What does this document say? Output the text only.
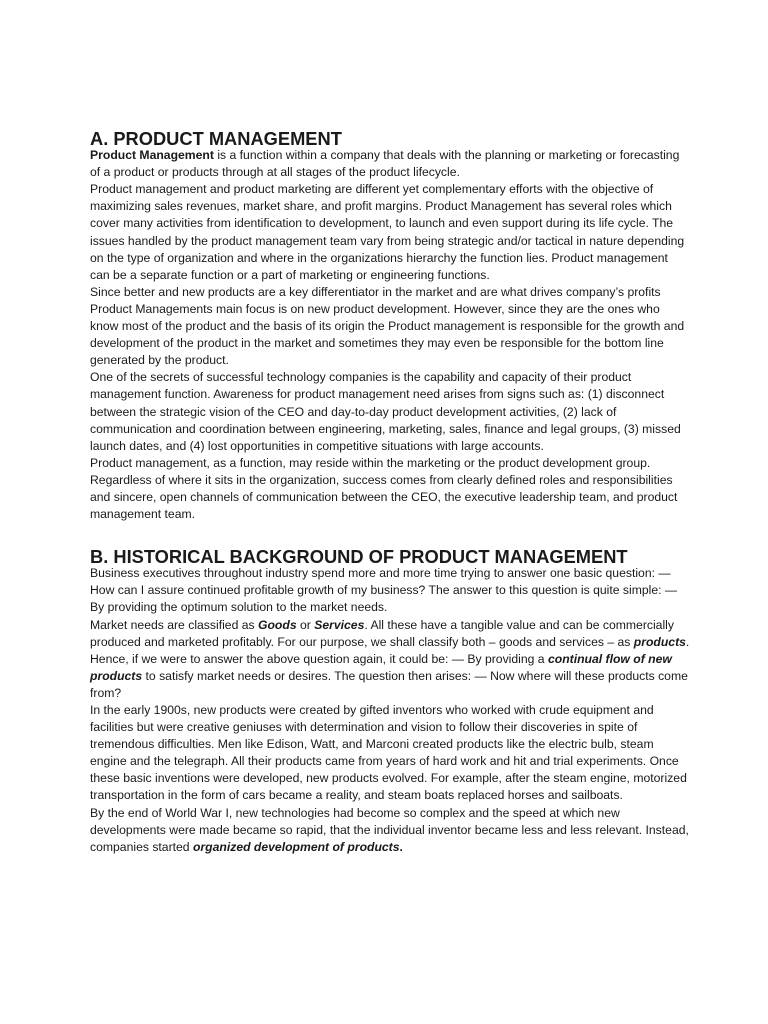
A. PRODUCT MANAGEMENT

Product Management is a function within a company that deals with the planning or marketing or forecasting of a product or products through at all stages of the product lifecycle.

Product management and product marketing are different yet complementary efforts with the objective of maximizing sales revenues, market share, and profit margins. Product Management has several roles which cover many activities from identification to development, to launch and even support during its life cycle. The issues handled by the product management team vary from being strategic and/or tactical in nature depending on the type of organization and where in the organizations hierarchy the function lies. Product management can be a separate function or a part of marketing or engineering functions.

Since better and new products are a key differentiator in the market and are what drives company’s profits Product Managements main focus is on new product development. However, since they are the ones who know most of the product and the basis of its origin the Product management is responsible for the growth and development of the product in the market and sometimes they may even be responsible for the bottom line generated by the product.

One of the secrets of successful technology companies is the capability and capacity of their product management function. Awareness for product management need arises from signs such as: (1) disconnect between the strategic vision of the CEO and day-to-day product development activities, (2) lack of communication and coordination between engineering, marketing, sales, finance and legal groups, (3) missed launch dates, and (4) lost opportunities in competitive situations with large accounts.

Product management, as a function, may reside within the marketing or the product development group. Regardless of where it sits in the organization, success comes from clearly defined roles and responsibilities and sincere, open channels of communication between the CEO, the executive leadership team, and product management team.

B. HISTORICAL BACKGROUND OF PRODUCT MANAGEMENT

Business executives throughout industry spend more and more time trying to answer one basic question: — How can I assure continued profitable growth of my business? The answer to this question is quite simple: — By providing the optimum solution to the market needs.

Market needs are classified as Goods or Services. All these have a tangible value and can be commercially produced and marketed profitably. For our purpose, we shall classify both – goods and services – as products. Hence, if we were to answer the above question again, it could be: — By providing a continual flow of new products to satisfy market needs or desires. The question then arises: — Now where will these products come from?

In the early 1900s, new products were created by gifted inventors who worked with crude equipment and facilities but were creative geniuses with determination and vision to follow their discoveries in spite of tremendous difficulties. Men like Edison, Watt, and Marconi created products like the electric bulb, steam engine and the telegraph. All their products came from years of hard work and hit and trial experiments. Once these basic inventions were developed, new products evolved. For example, after the steam engine, motorized transportation in the form of cars became a reality, and steam boats replaced horses and sailboats.

By the end of World War I, new technologies had become so complex and the speed at which new developments were made became so rapid, that the individual inventor became less and less relevant. Instead, companies started organized development of products.
